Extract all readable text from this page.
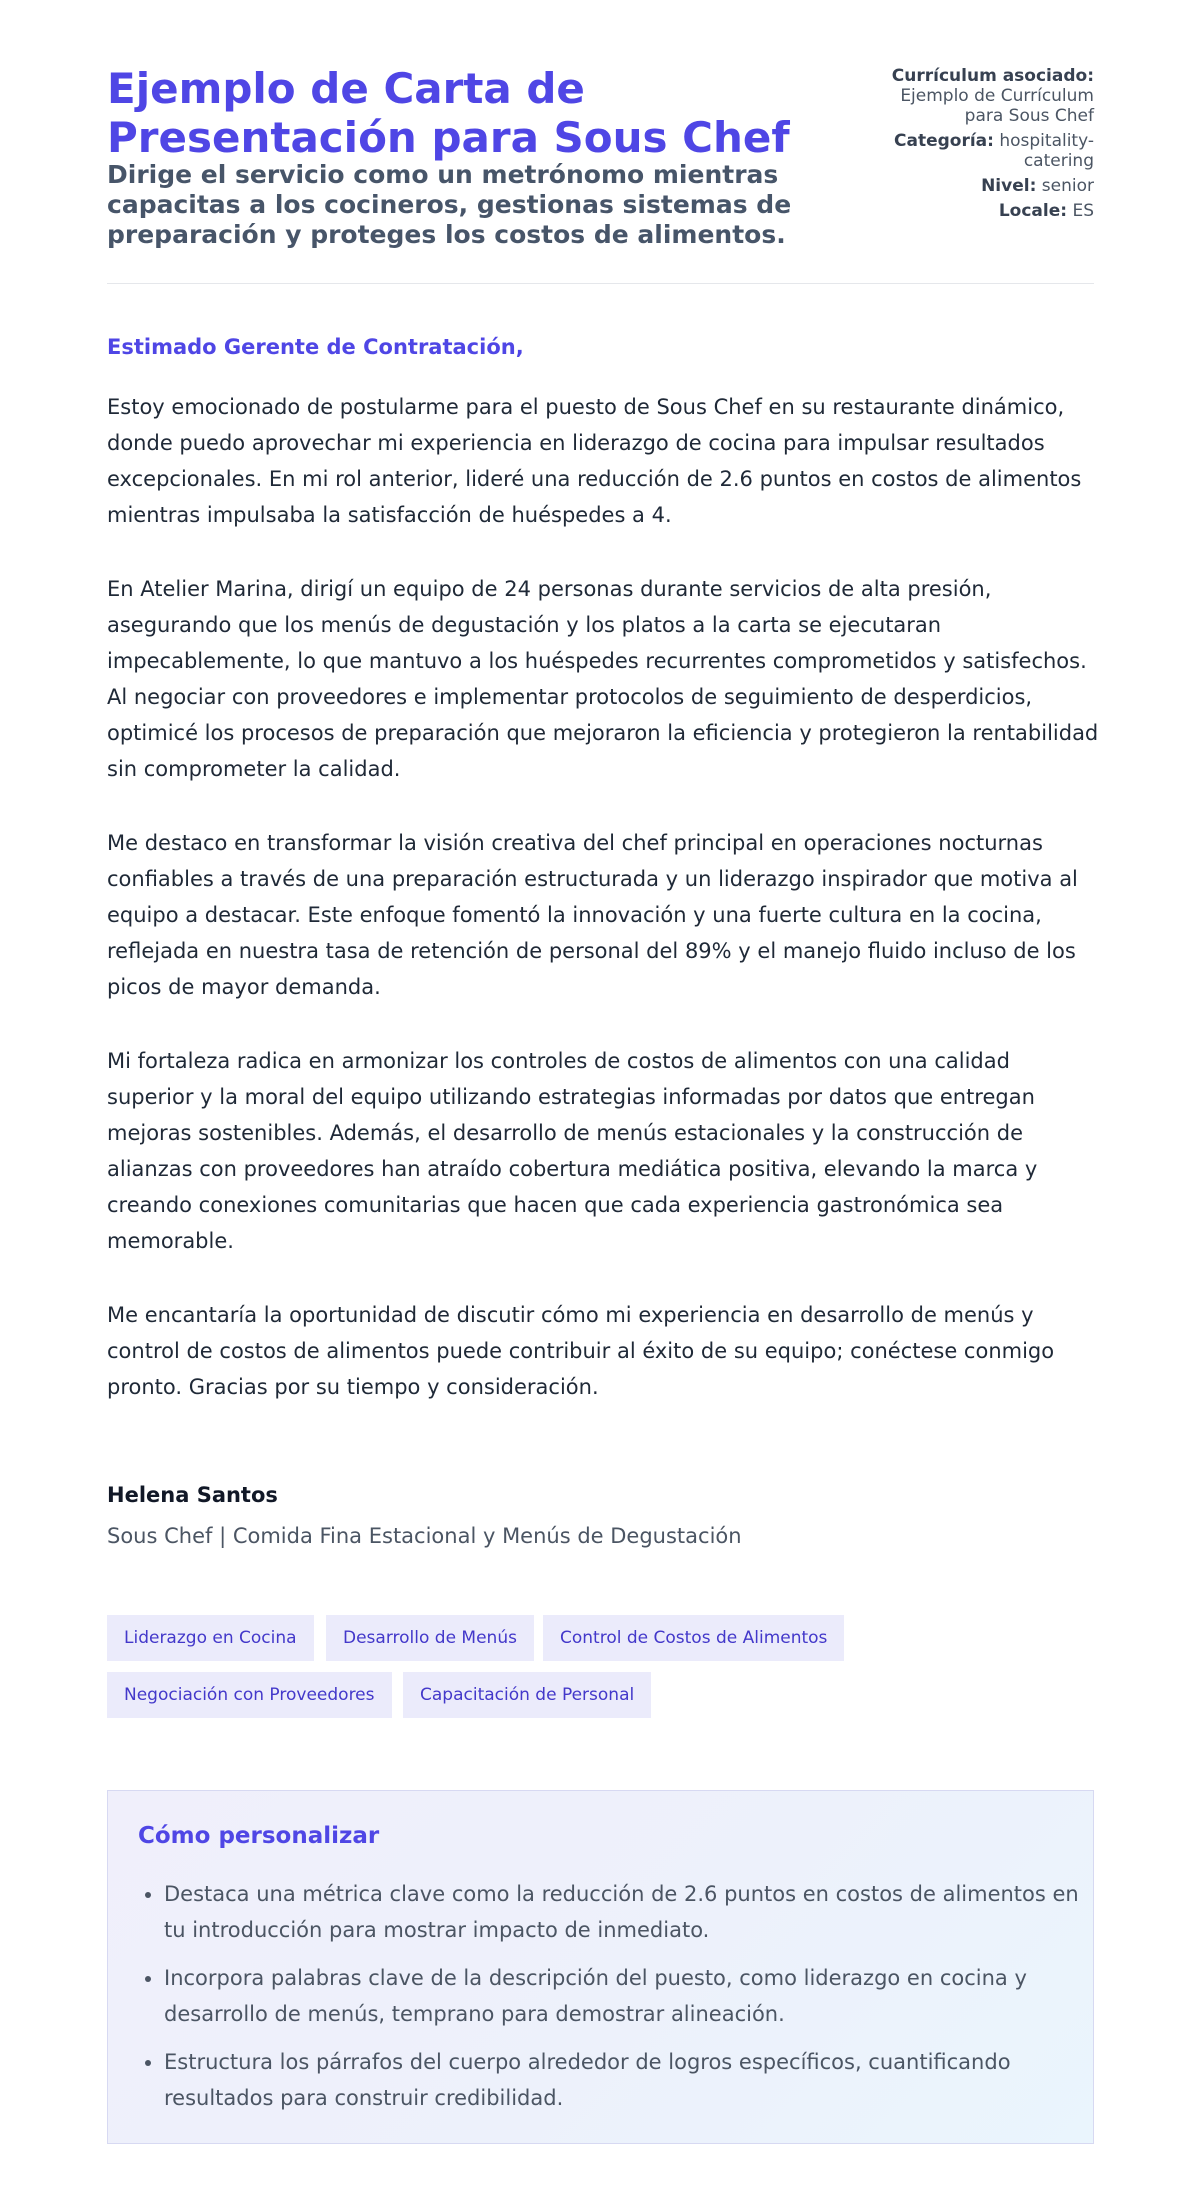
Ejemplo de Carta de Presentación para Sous Chef
Dirige el servicio como un metrónomo mientras capacitas a los cocineros, gestionas sistemas de preparación y proteges los costos de alimentos.
Currículum asociado: Ejemplo de Currículum para Sous Chef
Categoría: hospitality-catering
Nivel: senior
Locale: ES

Estimado Gerente de Contratación,

Estoy emocionado de postularme para el puesto de Sous Chef en su restaurante dinámico, donde puedo aprovechar mi experiencia en liderazgo de cocina para impulsar resultados excepcionales. En mi rol anterior, lideré una reducción de 2.6 puntos en costos de alimentos mientras impulsaba la satisfacción de huéspedes a 4.

En Atelier Marina, dirigí un equipo de 24 personas durante servicios de alta presión, asegurando que los menús de degustación y los platos a la carta se ejecutaran impecablemente, lo que mantuvo a los huéspedes recurrentes comprometidos y satisfechos. Al negociar con proveedores e implementar protocolos de seguimiento de desperdicios, optimicé los procesos de preparación que mejoraron la eficiencia y protegieron la rentabilidad sin comprometer la calidad.

Me destaco en transformar la visión creativa del chef principal en operaciones nocturnas confiables a través de una preparación estructurada y un liderazgo inspirador que motiva al equipo a destacar. Este enfoque fomentó la innovación y una fuerte cultura en la cocina, reflejada en nuestra tasa de retención de personal del 89% y el manejo fluido incluso de los picos de mayor demanda.

Mi fortaleza radica en armonizar los controles de costos de alimentos con una calidad superior y la moral del equipo utilizando estrategias informadas por datos que entregan mejoras sostenibles. Además, el desarrollo de menús estacionales y la construcción de alianzas con proveedores han atraído cobertura mediática positiva, elevando la marca y creando conexiones comunitarias que hacen que cada experiencia gastronómica sea memorable.

Me encantaría la oportunidad de discutir cómo mi experiencia en desarrollo de menús y control de costos de alimentos puede contribuir al éxito de su equipo; conéctese conmigo pronto. Gracias por su tiempo y consideración.

Helena Santos

Sous Chef | Comida Fina Estacional y Menús de Degustación

Liderazgo en Cocina	Desarrollo de Menús	Control de Costos de Alimentos
Negociación con Proveedores	Capacitación de Personal
Cómo personalizar
• Destaca una métrica clave como la reducción de 2.6 puntos en costos de alimentos en tu introducción para mostrar impacto de inmediato.
• Incorpora palabras clave de la descripción del puesto, como liderazgo en cocina y desarrollo de menús, temprano para demostrar alineación.
• Estructura los párrafos del cuerpo alrededor de logros específicos, cuantificando resultados para construir credibilidad.
